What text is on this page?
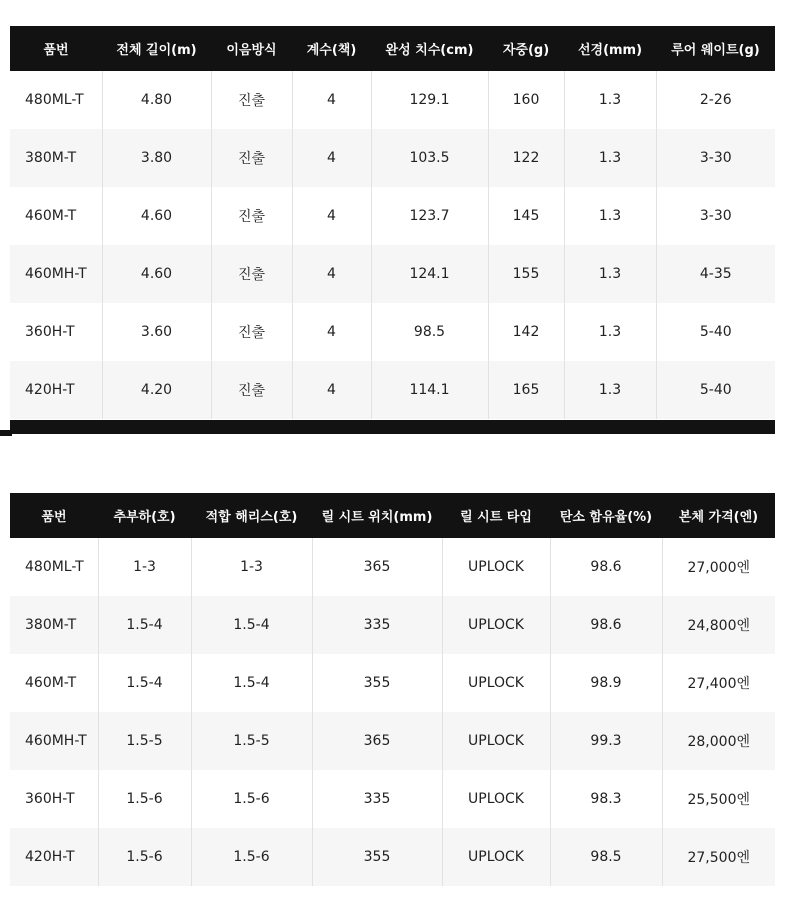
품번	전체 길이(m)	이음방식	계수(책)	완성 치수(cm)	자중(g)	선경(mm)	루어 웨이트(g)
480ML-T	4.80	진출	4	129.1	160	1.3	2-26
380M-T	3.80	진출	4	103.5	122	1.3	3-30
460M-T	4.60	진출	4	123.7	145	1.3	3-30
460MH-T	4.60	진출	4	124.1	155	1.3	4-35
360H-T	3.60	진출	4	98.5	142	1.3	5-40
420H-T	4.20	진출	4	114.1	165	1.3	5-40
품번	추부하(호)	적합 해리스(호)	릴 시트 위치(mm)	릴 시트 타입	탄소 함유율(%)	본체 가격(엔)
480ML-T	1-3	1-3	365	UPLOCK	98.6	27,000엔
380M-T	1.5-4	1.5-4	335	UPLOCK	98.6	24,800엔
460M-T	1.5-4	1.5-4	355	UPLOCK	98.9	27,400엔
460MH-T	1.5-5	1.5-5	365	UPLOCK	99.3	28,000엔
360H-T	1.5-6	1.5-6	335	UPLOCK	98.3	25,500엔
420H-T	1.5-6	1.5-6	355	UPLOCK	98.5	27,500엔
